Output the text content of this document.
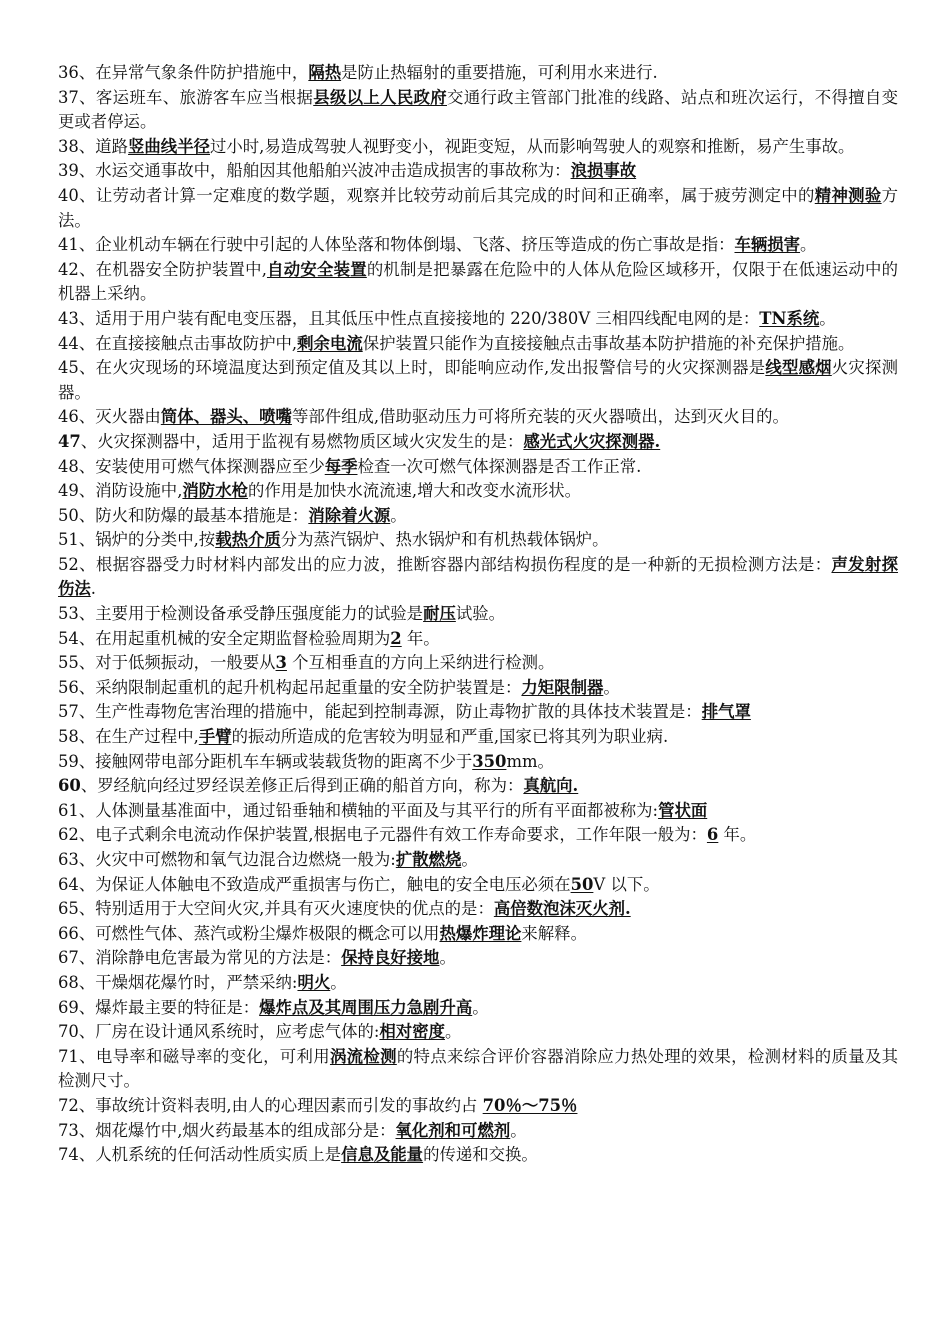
36、在异常气象条件防护措施中，隔热是防止热辐射的重要措施，可利用水来进行.

37、客运班车、旅游客车应当根据县级以上人民政府交通行政主管部门批准的线路、站点和班次运行，不得擅自变更或者停运。

38、道路竖曲线半径过小时,易造成驾驶人视野变小，视距变短，从而影响驾驶人的观察和推断，易产生事故。

39、水运交通事故中，船舶因其他船舶兴波冲击造成损害的事故称为：浪损事故

40、让劳动者计算一定难度的数学题，观察并比较劳动前后其完成的时间和正确率，属于疲劳测定中的精神测验方法。

41、企业机动车辆在行驶中引起的人体坠落和物体倒塌、飞落、挤压等造成的伤亡事故是指：车辆损害。

42、在机器安全防护装置中,自动安全装置的机制是把暴露在危险中的人体从危险区域移开，仅限于在低速运动中的机器上采纳。

43、适用于用户装有配电变压器，且其低压中性点直接接地的 220/380V 三相四线配电网的是：TN系统。

44、在直接接触点击事故防护中,剩余电流保护装置只能作为直接接触点击事故基本防护措施的补充保护措施。

45、在火灾现场的环境温度达到预定值及其以上时，即能响应动作,发出报警信号的火灾探测器是线型感烟火灾探测器。

46、灭火器由筒体、器头、喷嘴等部件组成,借助驱动压力可将所充装的灭火器喷出，达到灭火目的。

47、火灾探测器中，适用于监视有易燃物质区域火灾发生的是：感光式火灾探测器.

48、安装使用可燃气体探测器应至少每季检查一次可燃气体探测器是否工作正常.

49、消防设施中,消防水枪的作用是加快水流流速,增大和改变水流形状。

50、防火和防爆的最基本措施是：消除着火源。

51、锅炉的分类中,按载热介质分为蒸汽锅炉、热水锅炉和有机热载体锅炉。

52、根据容器受力时材料内部发出的应力波，推断容器内部结构损伤程度的是一种新的无损检测方法是：声发射探伤法.

53、主要用于检测设备承受静压强度能力的试验是耐压试验。

54、在用起重机械的安全定期监督检验周期为2 年。

55、对于低频振动，一般要从3 个互相垂直的方向上采纳进行检测。

56、采纳限制起重机的起升机构起吊起重量的安全防护装置是：力矩限制器。

57、生产性毒物危害治理的措施中，能起到控制毒源，防止毒物扩散的具体技术装置是：排气罩

58、在生产过程中,手臂的振动所造成的危害较为明显和严重,国家已将其列为职业病.

59、接触网带电部分距机车车辆或装载货物的距离不少于350mm。

60、罗经航向经过罗经误差修正后得到正确的船首方向，称为：真航向.

61、人体测量基准面中，通过铅垂轴和横轴的平面及与其平行的所有平面都被称为:管状面

62、电子式剩余电流动作保护装置,根据电子元器件有效工作寿命要求，工作年限一般为：6 年。

63、火灾中可燃物和氧气边混合边燃烧一般为:扩散燃烧。

64、为保证人体触电不致造成严重损害与伤亡，触电的安全电压必须在50V 以下。

65、特别适用于大空间火灾,并具有灭火速度快的优点的是：高倍数泡沫灭火剂.

66、可燃性气体、蒸汽或粉尘爆炸极限的概念可以用热爆炸理论来解释。

67、消除静电危害最为常见的方法是：保持良好接地。

68、干燥烟花爆竹时，严禁采纳:明火。

69、爆炸最主要的特征是：爆炸点及其周围压力急剧升高。

70、厂房在设计通风系统时，应考虑气体的:相对密度。

71、电导率和磁导率的变化，可利用涡流检测的特点来综合评价容器消除应力热处理的效果，检测材料的质量及其检测尺寸。

72、事故统计资料表明,由人的心理因素而引发的事故约占 70％～75％

73、烟花爆竹中,烟火药最基本的组成部分是：氧化剂和可燃剂。

74、人机系统的任何活动性质实质上是信息及能量的传递和交换。
